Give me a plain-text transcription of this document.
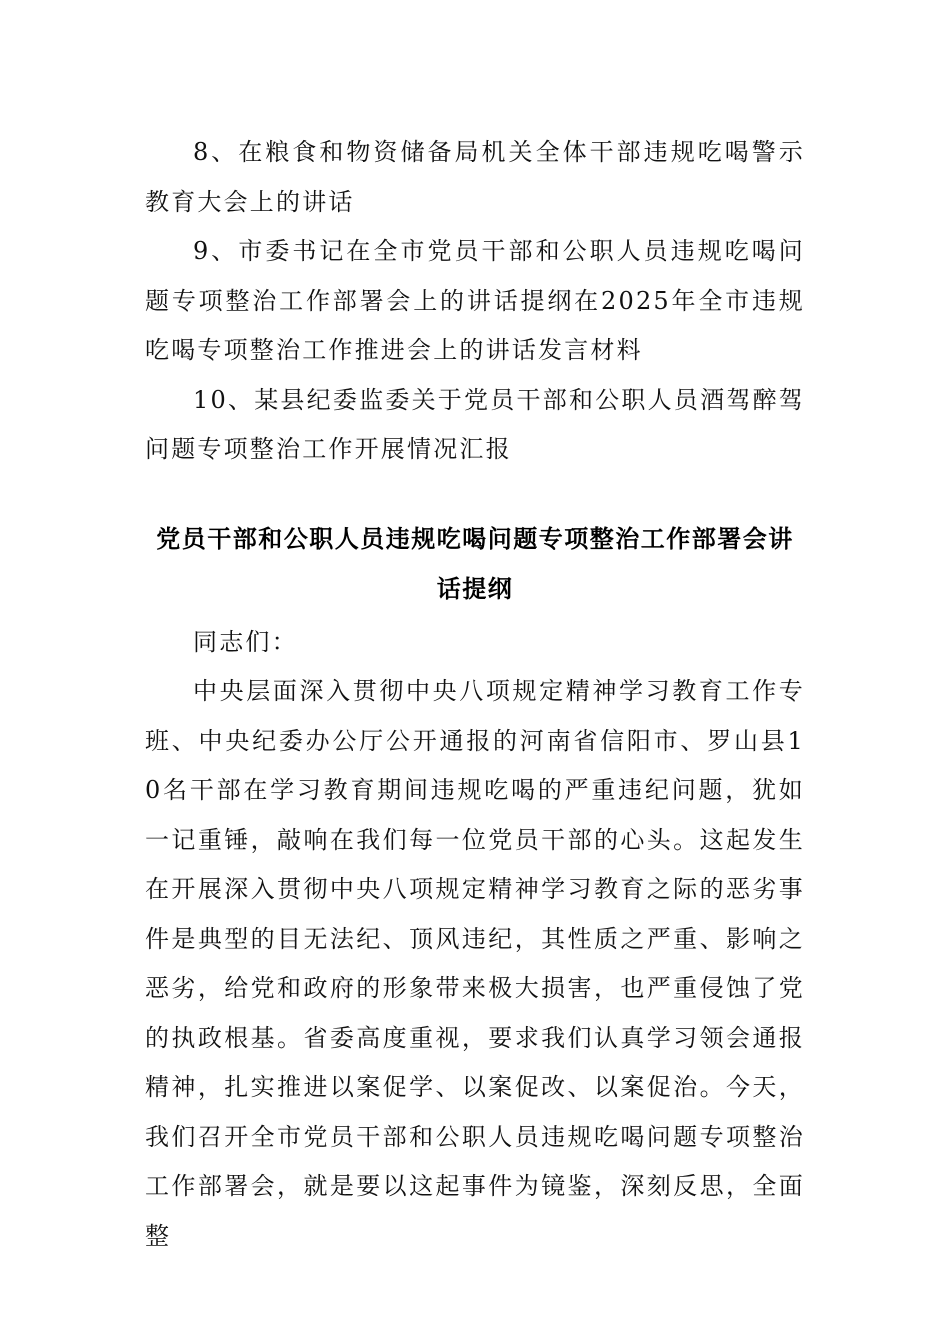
8、在粮食和物资储备局机关全体干部违规吃喝警示教育大会上的讲话

9、市委书记在全市党员干部和公职人员违规吃喝问题专项整治工作部署会上的讲话提纲在2025年全市违规吃喝专项整治工作推进会上的讲话发言材料

10、某县纪委监委关于党员干部和公职人员酒驾醉驾问题专项整治工作开展情况汇报

党员干部和公职人员违规吃喝问题专项整治工作部署会讲话提纲

同志们：

中央层面深入贯彻中央八项规定精神学习教育工作专班、中央纪委办公厅公开通报的河南省信阳市、罗山县10名干部在学习教育期间违规吃喝的严重违纪问题，犹如一记重锤，敲响在我们每一位党员干部的心头。这起发生在开展深入贯彻中央八项规定精神学习教育之际的恶劣事件是典型的目无法纪、顶风违纪，其性质之严重、影响之恶劣，给党和政府的形象带来极大损害，也严重侵蚀了党的执政根基。省委高度重视，要求我们认真学习领会通报精神，扎实推进以案促学、以案促改、以案促治。今天，我们召开全市党员干部和公职人员违规吃喝问题专项整治工作部署会，就是要以这起事件为镜鉴，深刻反思，全面整
